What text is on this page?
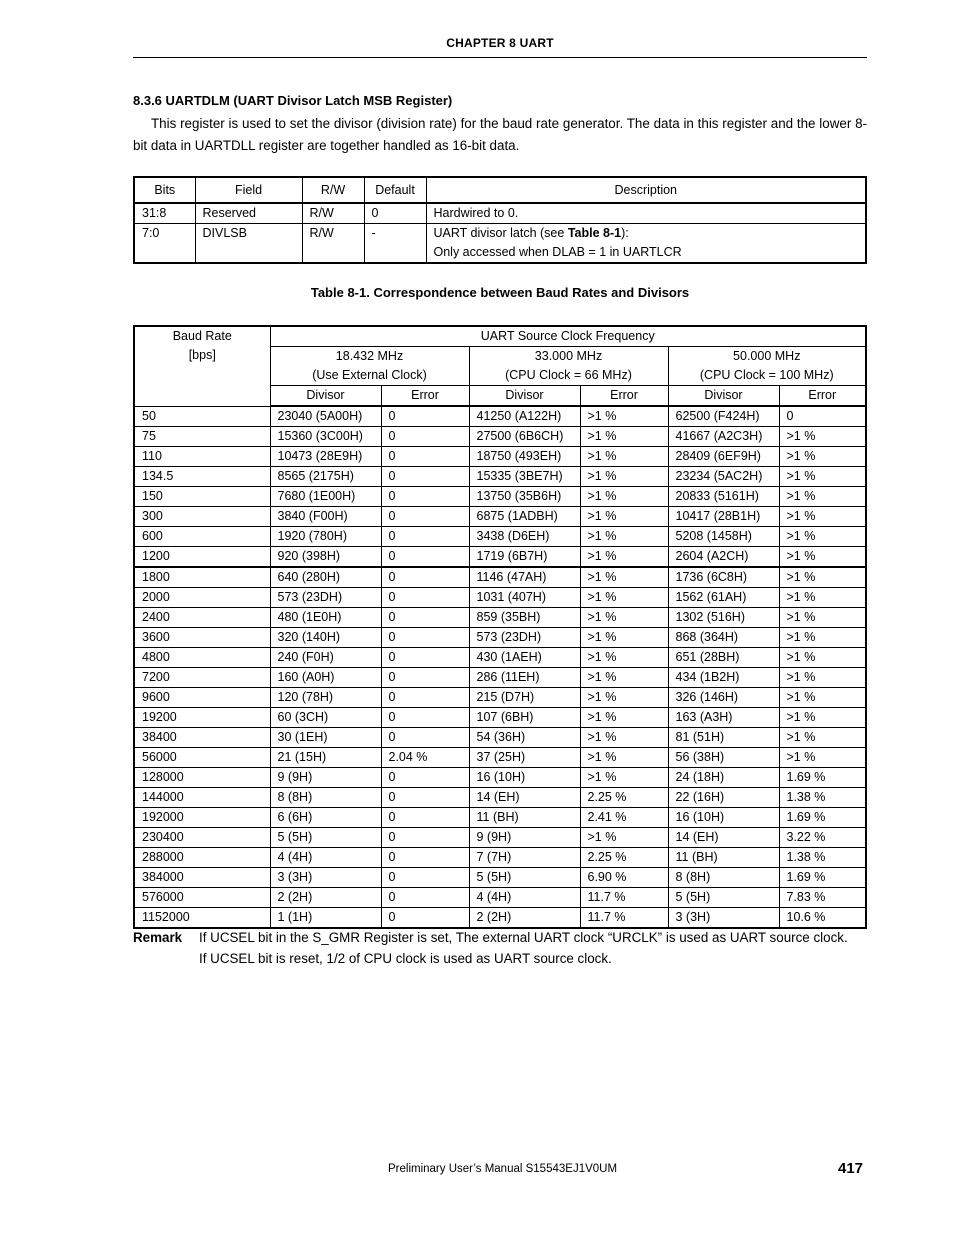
CHAPTER 8 UART
8.3.6 UARTDLM (UART Divisor Latch MSB Register)
This register is used to set the divisor (division rate) for the baud rate generator. The data in this register and the lower 8-bit data in UARTDLL register are together handled as 16-bit data.
Bits	Field	R/W	Default	Description
31:8	Reserved	R/W	0	Hardwired to 0.
7:0	DIVLSB	R/W	-	UART divisor latch (see Table 8-1):
Only accessed when DLAB = 1 in UARTLCR
Table 8-1. Correspondence between Baud Rates and Divisors
Baud Rate
[bps]	UART Source Clock Frequency					
	18.432 MHz		33.000 MHz		50.000 MHz	
	(Use External Clock)		(CPU Clock = 66 MHz)		(CPU Clock = 100 MHz)	
	Divisor	Error	Divisor	Error	Divisor	Error
50	23040 (5A00H)	0	41250 (A122H)	>1 %	62500 (F424H)	0
75	15360 (3C00H)	0	27500 (6B6CH)	>1 %	41667 (A2C3H)	>1 %
110	10473 (28E9H)	0	18750 (493EH)	>1 %	28409 (6EF9H)	>1 %
134.5	8565 (2175H)	0	15335 (3BE7H)	>1 %	23234 (5AC2H)	>1 %
150	7680 (1E00H)	0	13750 (35B6H)	>1 %	20833 (5161H)	>1 %
300	3840 (F00H)	0	6875 (1ADBH)	>1 %	10417 (28B1H)	>1 %
600	1920 (780H)	0	3438 (D6EH)	>1 %	5208 (1458H)	>1 %
1200	920 (398H)	0	1719 (6B7H)	>1 %	2604 (A2CH)	>1 %
1800	640 (280H)	0	1146 (47AH)	>1 %	1736 (6C8H)	>1 %
2000	573 (23DH)	0	1031 (407H)	>1 %	1562 (61AH)	>1 %
2400	480 (1E0H)	0	859 (35BH)	>1 %	1302 (516H)	>1 %
3600	320 (140H)	0	573 (23DH)	>1 %	868 (364H)	>1 %
4800	240 (F0H)	0	430 (1AEH)	>1 %	651 (28BH)	>1 %
7200	160 (A0H)	0	286 (11EH)	>1 %	434 (1B2H)	>1 %
9600	120 (78H)	0	215 (D7H)	>1 %	326 (146H)	>1 %
19200	60 (3CH)	0	107 (6BH)	>1 %	163 (A3H)	>1 %
38400	30 (1EH)	0	54 (36H)	>1 %	81 (51H)	>1 %
56000	21 (15H)	2.04 %	37 (25H)	>1 %	56 (38H)	>1 %
128000	9 (9H)	0	16 (10H)	>1 %	24 (18H)	1.69 %
144000	8 (8H)	0	14 (EH)	2.25 %	22 (16H)	1.38 %
192000	6 (6H)	0	11 (BH)	2.41 %	16 (10H)	1.69 %
230400	5 (5H)	0	9 (9H)	>1 %	14 (EH)	3.22 %
288000	4 (4H)	0	7 (7H)	2.25 %	11 (BH)	1.38 %
384000	3 (3H)	0	5 (5H)	6.90 %	8 (8H)	1.69 %
576000	2 (2H)	0	4 (4H)	11.7 %	5 (5H)	7.83 %
1152000	1 (1H)	0	2 (2H)	11.7 %	3 (3H)	10.6 %
Remark If UCSEL bit in the S_GMR Register is set, The external UART clock “URCLK” is used as UART source clock.
If UCSEL bit is reset, 1/2 of CPU clock is used as UART source clock.
Preliminary User’s Manual S15543EJ1V0UM	417
